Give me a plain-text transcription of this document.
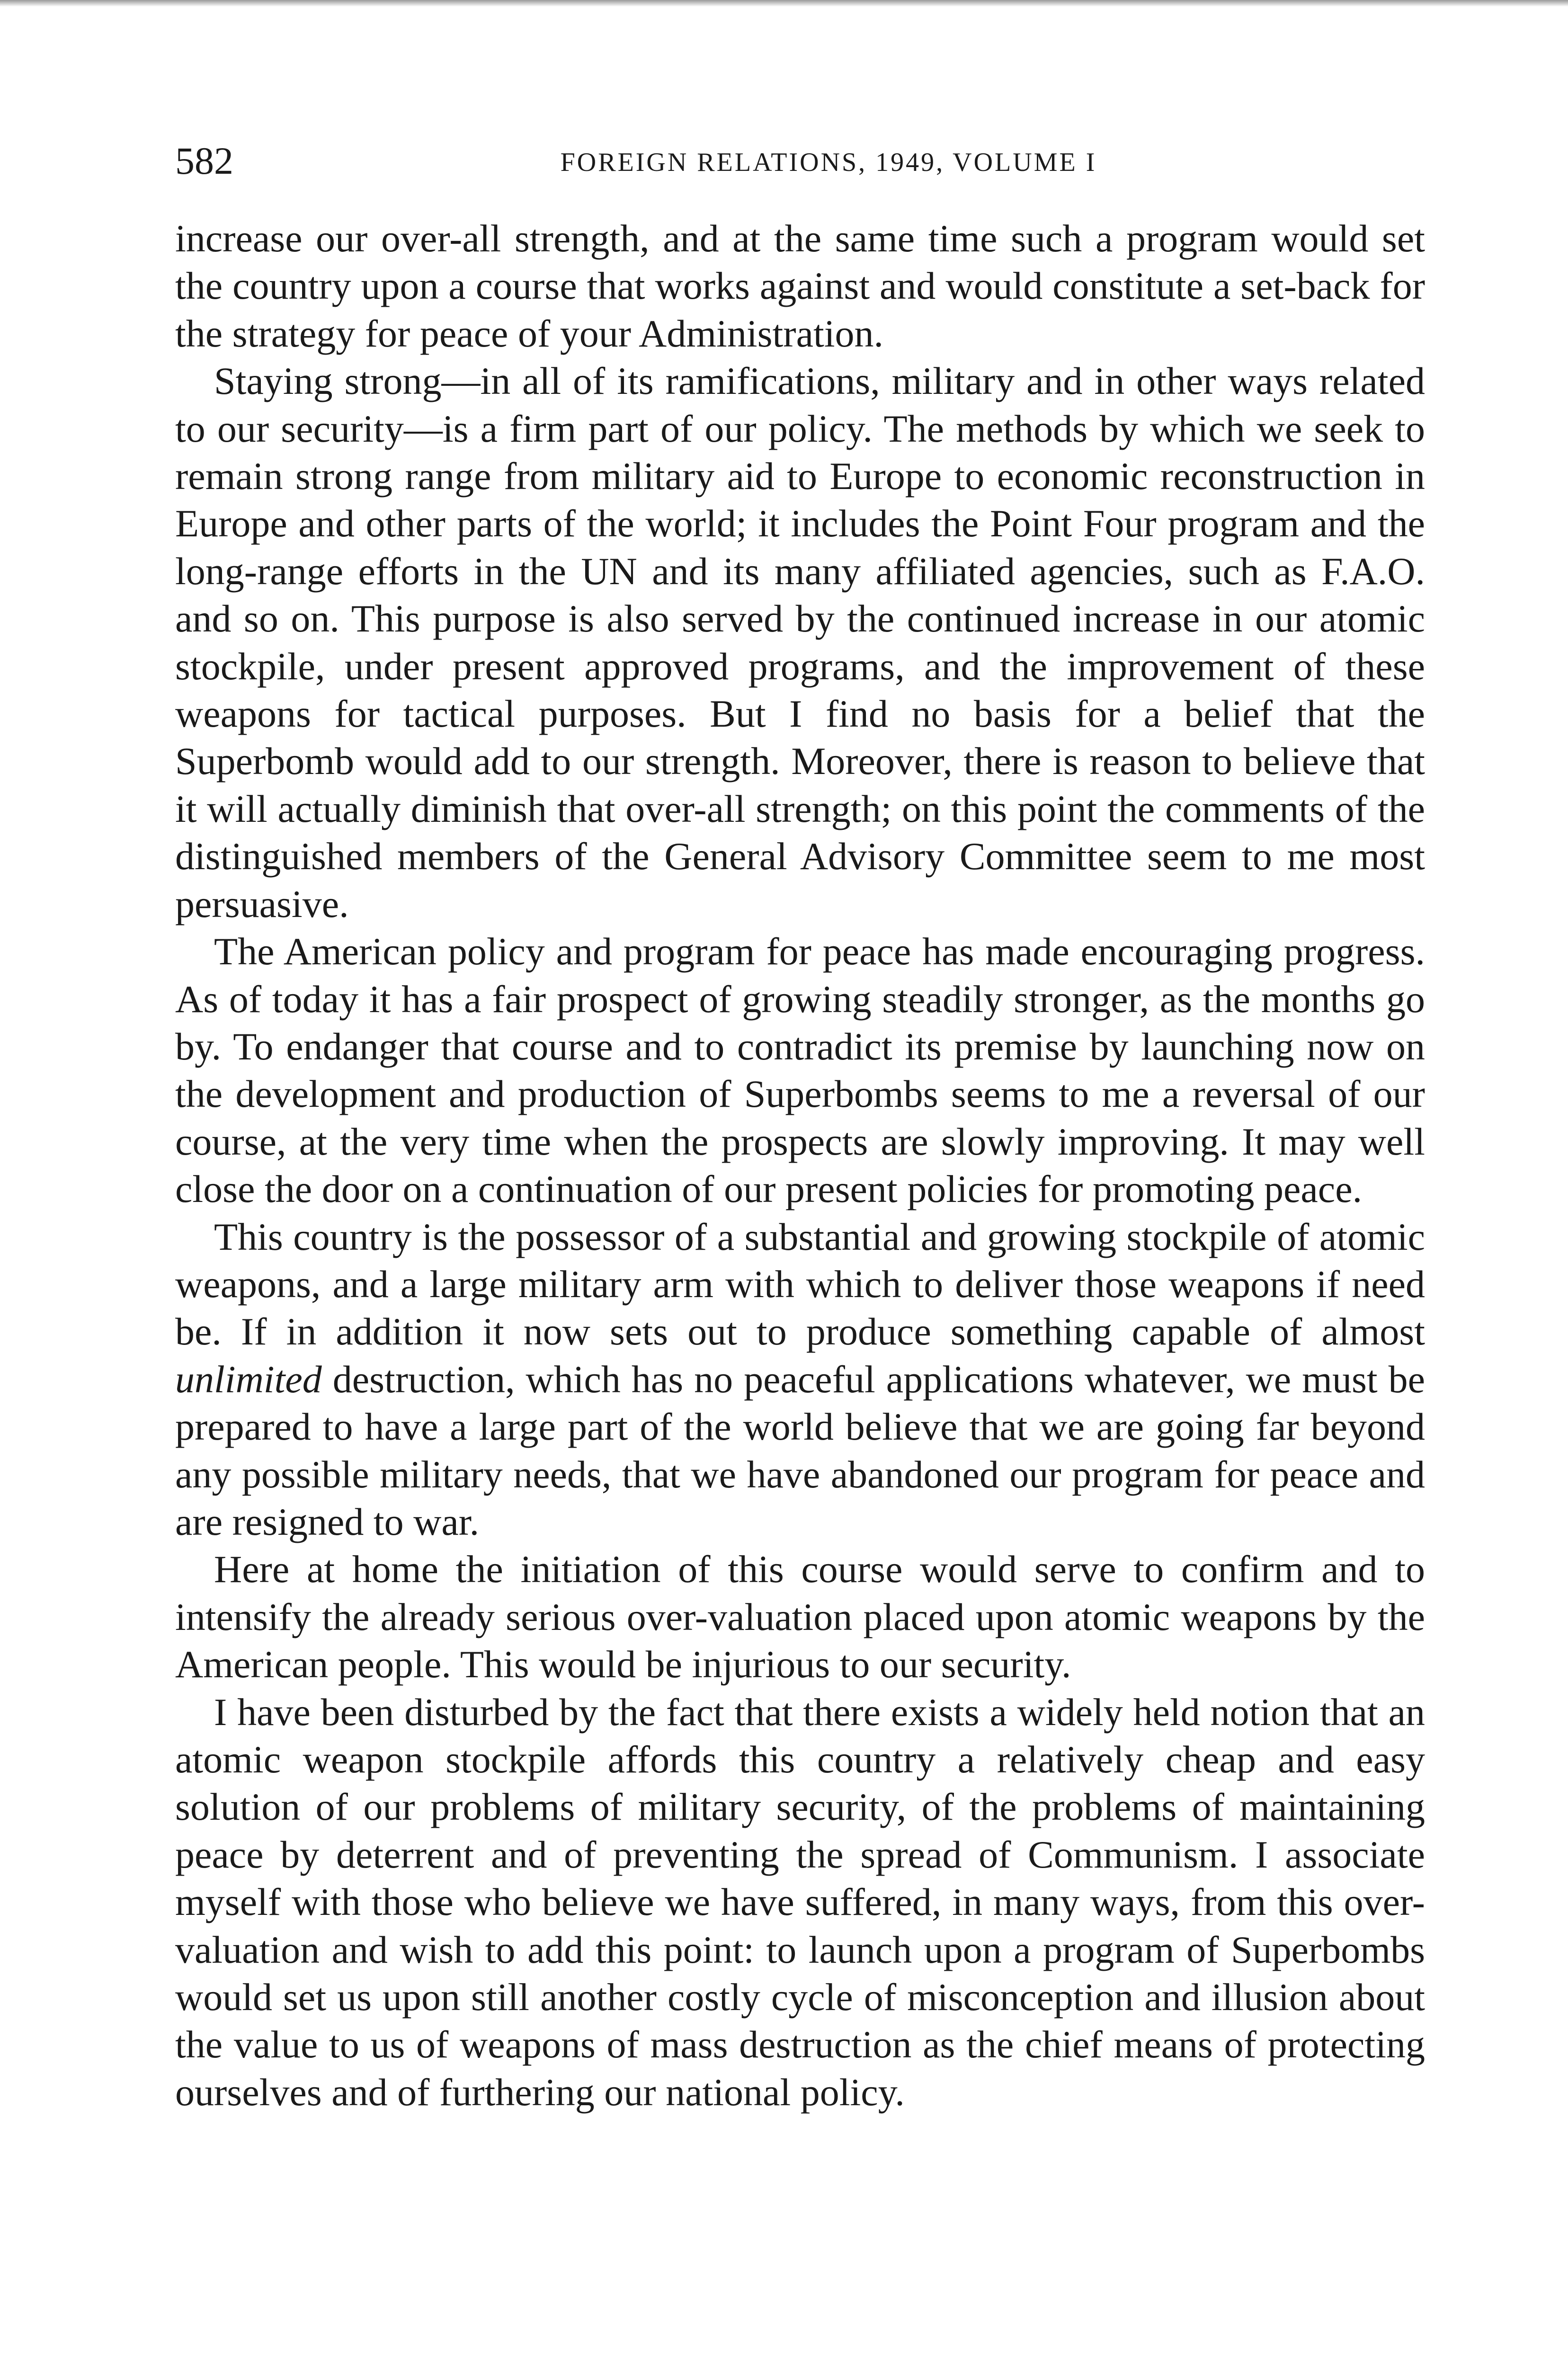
582	FOREIGN RELATIONS, 1949, VOLUME I

increase our over-all strength, and at the same time such a program would set the country upon a course that works against and would constitute a set-back for the strategy for peace of your Administration.

Staying strong—in all of its ramifications, military and in other ways related to our security—is a firm part of our policy. The methods by which we seek to remain strong range from military aid to Europe to economic reconstruction in Europe and other parts of the world; it includes the Point Four program and the long-range efforts in the UN and its many affiliated agencies, such as F.A.O. and so on. This purpose is also served by the continued increase in our atomic stockpile, under present approved programs, and the improvement of these weapons for tactical purposes. But I find no basis for a belief that the Superbomb would add to our strength. Moreover, there is reason to believe that it will actually diminish that over-all strength; on this point the comments of the distinguished members of the General Advisory Committee seem to me most persuasive.

The American policy and program for peace has made encouraging progress. As of today it has a fair prospect of growing steadily stronger, as the months go by. To endanger that course and to contradict its premise by launching now on the development and production of Superbombs seems to me a reversal of our course, at the very time when the prospects are slowly improving. It may well close the door on a continuation of our present policies for promoting peace.

This country is the possessor of a substantial and growing stockpile of atomic weapons, and a large military arm with which to deliver those weapons if need be. If in addition it now sets out to produce something capable of almost unlimited destruction, which has no peaceful applications whatever, we must be prepared to have a large part of the world believe that we are going far beyond any possible military needs, that we have abandoned our program for peace and are resigned to war.

Here at home the initiation of this course would serve to confirm and to intensify the already serious over-valuation placed upon atomic weapons by the American people. This would be injurious to our security.

I have been disturbed by the fact that there exists a widely held notion that an atomic weapon stockpile affords this country a relatively cheap and easy solution of our problems of military security, of the problems of maintaining peace by deterrent and of preventing the spread of Communism. I associate myself with those who believe we have suffered, in many ways, from this over-valuation and wish to add this point: to launch upon a program of Superbombs would set us upon still another costly cycle of misconception and illusion about the value to us of weapons of mass destruction as the chief means of protecting ourselves and of furthering our national policy.
